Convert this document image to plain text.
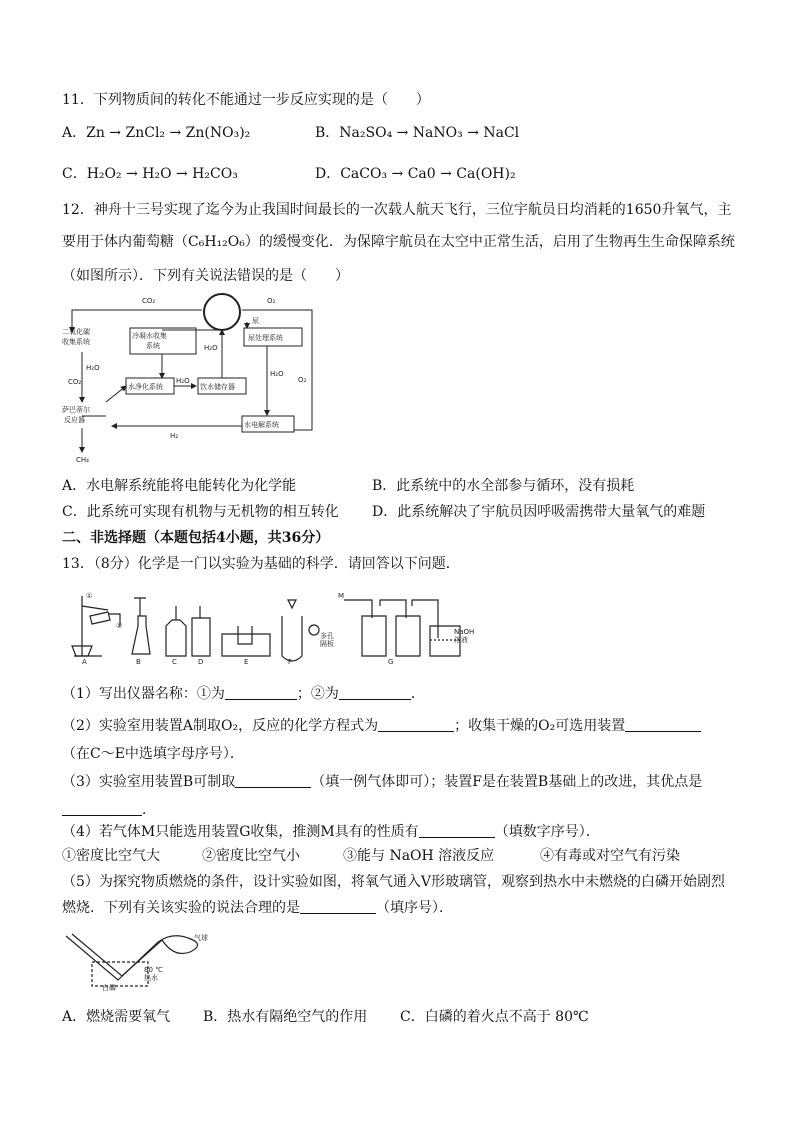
11．下列物质间的转化不能通过一步反应实现的是（　　）
A．Zn → ZnCl₂ → Zn(NO₃)₂	B．Na₂SO₄ → NaNO₃ → NaCl
C．H₂O₂ → H₂O → H₂CO₃	D．CaCO₃ → Ca0 → Ca(OH)₂
12．神舟十三号实现了迄今为止我国时间最长的一次载人航天飞行，三位宇航员日均消耗的1650升氧气，主
要用于体内葡萄糖（C₆H₁₂O₆）的缓慢变化．为保障宇航员在太空中正常生活，启用了生物再生生命保障系统
（如图所示）．下列有关说法错误的是（　　）
CO₂	O₂
尿
二氧化碳
收集系统
冷凝水收集
系统
尿处理系统
H₂O
CO₂
H₂O
H₂O
O₂
H₂O
水净化系统	饮水储存器
萨巴蒂尔
反应器
水电解系统
H₂
CH₄
A．水电解系统能将电能转化为化学能	B．此系统中的水全部参与循环，没有损耗
C．此系统可实现有机物与无机物的相互转化 D．此系统解决了宇航员因呼吸需携带大量氧气的难题
二、非选择题（本题包括4小题，共36分）
13．（8分）化学是一门以实验为基础的科学．请回答以下问题．
A	B	C	D	E	F	G
①
②
多孔
隔板
M
NaOH
溶液
（1）写出仪器名称：①为	；②为	．
（2）实验室用装置A制取O₂，反应的化学方程式为	；收集干燥的O₂可选用装置
（在C～E中选填字母序号）．
（3）实验室用装置B可制取	（填一例气体即可）；装置F是在装置B基础上的改进，其优点是
．
（4）若气体M只能选用装置G收集，推测M具有的性质有	（填数字序号）．
①密度比空气大	②密度比空气小	③能与 NaOH 溶液反应	④有毒或对空气有污染
（5）为探究物质燃烧的条件，设计实验如图，将氧气通入V形玻璃管，观察到热水中未燃烧的白磷开始剧烈
燃烧．下列有关该实验的说法合理的是	（填序号）．
气球
80 ℃
热水
白磷
A．燃烧需要氧气 B．热水有隔绝空气的作用 C．白磷的着火点不高于 80℃
